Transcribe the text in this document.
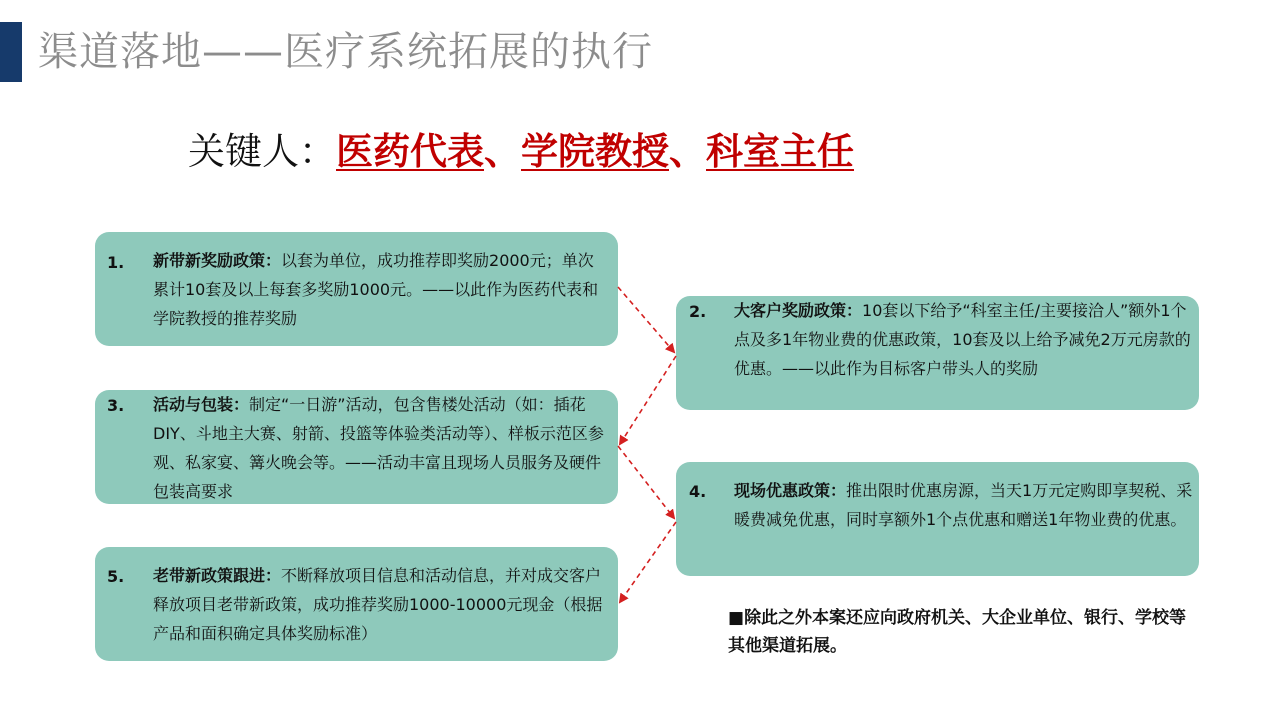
渠道落地——医疗系统拓展的执行
关键人：医药代表、学院教授、科室主任
1. 新带新奖励政策：以套为单位，成功推荐即奖励2000元；单次累计10套及以上每套多奖励1000元。——以此作为医药代表和学院教授的推荐奖励	2. 大客户奖励政策：10套以下给予“科室主任/主要接洽人”额外1个点及多1年物业费的优惠政策，10套及以上给予减免2万元房款的优惠。——以此作为目标客户带头人的奖励
3. 活动与包装：制定“一日游”活动，包含售楼处活动（如：插花DIY、斗地主大赛、射箭、投篮等体验类活动等）、样板示范区参观、私家宴、篝火晚会等。——活动丰富且现场人员服务及硬件包装高要求	4. 现场优惠政策：推出限时优惠房源，当天1万元定购即享契税、采暖费减免优惠，同时享额外1个点优惠和赠送1年物业费的优惠。
5. 老带新政策跟进：不断释放项目信息和活动信息，并对成交客户释放项目老带新政策，成功推荐奖励1000-10000元现金（根据产品和面积确定具体奖励标准）
■除此之外本案还应向政府机关、大企业单位、银行、学校等其他渠道拓展。
